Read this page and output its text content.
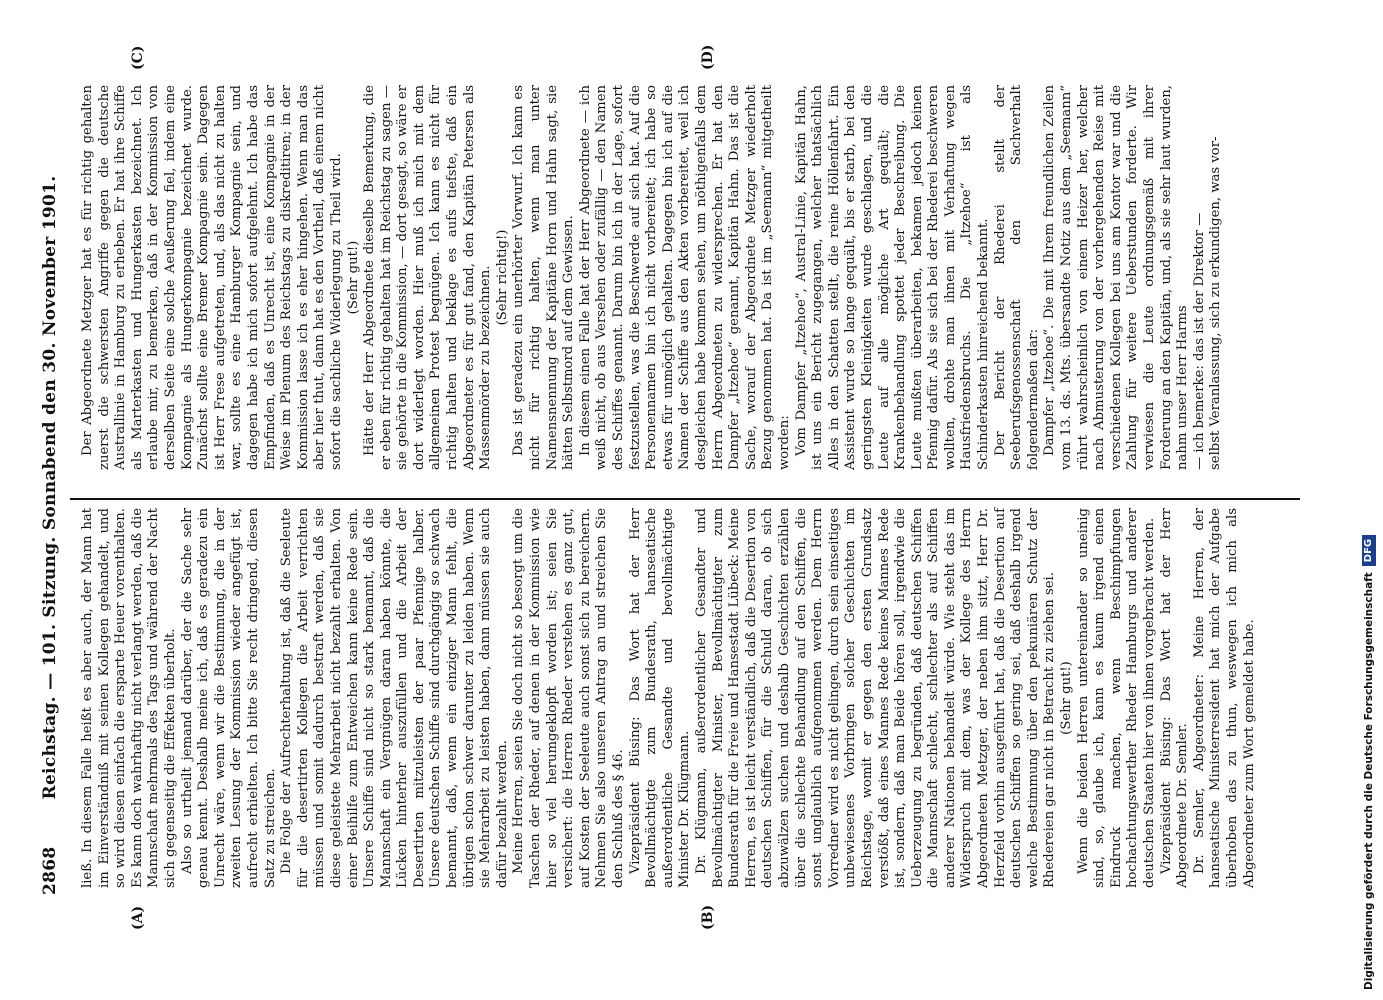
2868
Reichstag. — 101. Sitzung. Sonnabend den 30. November 1901.
(A)	(B)
(C)	(D)

ließ. In diesem Falle heißt es aber auch, der Mann hat im Einverständniß mit seinen Kollegen gehandelt, und so wird diesen einfach die ersparte Heuer vorenthalten. Es kann doch wahrhaftig nicht verlangt werden, daß die Mannschaft mehrmals des Tags und während der Nacht sich gegenseitig die Effekten überholt. Also so urtheilt jemand darüber, der die Sache sehr genau kennt. Deshalb meine ich, daß es geradezu ein Unrecht wäre, wenn wir die Bestimmung, die in der zweiten Lesung der Kommission wieder angefügt ist, aufrecht erhielten. Ich bitte Sie recht dringend, diesen Satz zu streichen. Die Folge der Aufrechterhaltung ist, daß die Seeleute für die desertirten Kollegen die Arbeit verrichten müssen und somit dadurch bestraft werden, daß sie diese geleistete Mehrarbeit nicht bezahlt erhalten. Von einer Beihilfe zum Entweichen kann keine Rede sein. Unsere Schiffe sind nicht so stark bemannt, daß die Mannschaft ein Vergnügen daran haben könnte, die Lücken hinterher auszufüllen und die Arbeit der Desertirten mitzuleisten der paar Pfennige halber. Unsere deutschen Schiffe sind durchgängig so schwach bemannt, daß, wenn ein einziger Mann fehlt, die übrigen schon schwer darunter zu leiden haben. Wenn sie Mehrarbeit zu leisten haben, dann müssen sie auch dafür bezahlt werden. Meine Herren, seien Sie doch nicht so besorgt um die Taschen der Rheder, auf denen in der Kommission wie hier so viel herumgeklopft worden ist; seien Sie versichert: die Herren Rheder verstehen es ganz gut, auf Kosten der Seeleute auch sonst sich zu bereichern. Nehmen Sie also unseren Antrag an und streichen Sie den Schluß des § 46. Vizepräsident Büsing: Das Wort hat der Herr Bevollmächtigte zum Bundesrath, hanseatische außerordentliche Gesandte und bevollmächtigte Minister Dr. Klügmann. Dr. Klügmann, außerordentlicher Gesandter und Bevollmächtigter Minister, Bevollmächtigter zum Bundesrath für die Freie und Hansestadt Lübeck: Meine Herren, es ist leicht verständlich, daß die Desertion von deutschen Schiffen, für die Schuld daran, ob sich abzuwälzen suchen und deshalb Geschichten erzählen über die schlechte Behandlung auf den Schiffen, die sonst unglaublich aufgenommen werden. Dem Herrn Vorredner wird es nicht gelingen, durch sein einseitiges unbewiesenes Vorbringen solcher Geschichten im Reichstage, womit er gegen den ersten Grundsatz verstößt, daß eines Mannes Rede keines Mannes Rede ist, sondern, daß man Beide hören soll, irgendwie die Ueberzeugung zu begründen, daß deutschen Schiffen die Mannschaft schlecht, schlechter als auf Schiffen anderer Nationen behandelt würde. Wie steht das im Widerspruch mit dem, was der Kollege des Herrn Abgeordneten Metzger, der neben ihm sitzt, Herr Dr. Herzfeld vorhin ausgeführt hat, daß die Desertion auf deutschen Schiffen so gering sei, daß deshalb irgend welche Bestimmung über den pekuniären Schutz der Rhedereien gar nicht in Betracht zu ziehen sei. (Sehr gut!) Wenn die beiden Herren untereinander so uneinig sind, so, glaube ich, kann es kaum irgend einen Eindruck machen, wenn Beschimpfungen hochachtungswerther Rheder Hamburgs und anderer deutschen Staaten hier von ihnen vorgebracht werden. Vizepräsident Büsing: Das Wort hat der Herr Abgeordnete Dr. Semler. Dr. Semler, Abgeordneter: Meine Herren, der hanseatische Ministerresident hat mich der Aufgabe überhoben das zu thun, weswegen ich mich als Abgeordneter zum Wort gemeldet habe.

Der Abgeordnete Metzger hat es für richtig gehalten zuerst die schwersten Angriffe gegen die deutsche Australlinie in Hamburg zu erheben. Er hat ihre Schiffe als Marterkasten und Hungerkasten bezeichnet. Ich erlaube mir, zu bemerken, daß in der Kommission von derselben Seite eine solche Aeußerung fiel, indem eine Kompagnie als Hungerkompagnie bezeichnet wurde. Zunächst sollte eine Bremer Kompagnie sein. Dagegen ist Herr Frese aufgetreten, und, als das nicht zu halten war, sollte es eine Hamburger Kompagnie sein, und dagegen habe ich mich sofort aufgelehnt. Ich habe das Empfinden, daß es Unrecht ist, eine Kompagnie in der Weise im Plenum des Reichstags zu diskreditiren; in der Kommission lasse ich es eher hingehen. Wenn man das aber hier thut, dann hat es den Vortheil, daß einem nicht sofort die sachliche Widerlegung zu Theil wird. (Sehr gut!) Hätte der Herr Abgeordnete dieselbe Bemerkung, die er eben für richtig gehalten hat im Reichstag zu sagen — sie gehörte in die Kommission, — dort gesagt, so wäre er dort widerlegt worden. Hier muß ich mich mit dem allgemeinen Protest begnügen. Ich kann es nicht für richtig halten und beklage es aufs tiefste, daß ein Abgeordneter es für gut fand, den Kapitän Petersen als Massenmörder zu bezeichnen. (Sehr richtig!) Das ist geradezu ein unerhörter Vorwurf. Ich kann es nicht für richtig halten, wenn man unter Namensnennung der Kapitäne Horn und Hahn sagt, sie hätten Selbstmord auf dem Gewissen. In diesem einen Falle hat der Herr Abgeordnete — ich weiß nicht, ob aus Versehen oder zufällig — den Namen des Schiffes genannt. Darum bin ich in der Lage, sofort festzustellen, was die Beschwerde auf sich hat. Auf die Personennamen bin ich nicht vorbereitet; ich habe so etwas für unmöglich gehalten. Dagegen bin ich auf die Namen der Schiffe aus den Akten vorbereitet, weil ich desgleichen habe kommen sehen, um nöthigenfalls dem Herrn Abgeordneten zu widersprechen. Er hat den Dampfer „Itzehoe“ genannt, Kapitän Hahn. Das ist die Sache, worauf der Abgeordnete Metzger wiederholt Bezug genommen hat. Da ist im „Seemann“ mitgetheilt worden: Vom Dampfer „Itzehoe“, Austral-Linie, Kapitän Hahn, ist uns ein Bericht zugegangen, welcher thatsächlich Alles in den Schatten stellt, die reine Höllenfahrt. Ein Assistent wurde so lange gequält, bis er starb, bei den geringsten Kleinigkeiten wurde geschlagen, und die Leute auf alle mögliche Art gequält; die Krankenbehandlung spottet jeder Beschreibung. Die Leute mußten überarbeiten, bekamen jedoch keinen Pfennig dafür. Als sie sich bei der Rhederei beschweren wollten, drohte man ihnen mit Verhaftung wegen Hausfriedensbruchs. Die „Itzehoe“ ist als Schinderkasten hinreichend bekannt. Der Bericht der Rhederei stellt der Seeberufsgenossenschaft den Sachverhalt folgendermaßen dar: Dampfer „Itzehoe“. Die mit Ihrem freundlichen Zeilen vom 13. ds. Mts. übersandte Notiz aus dem „Seemann“ rührt wahrscheinlich von einem Heizer her, welcher nach Abmusterung von der vorhergehenden Reise mit verschiedenen Kollegen bei uns am Kontor war und die Zahlung für weitere Ueberstunden forderte. Wir verwiesen die Leute ordnungsgemäß mit ihrer Forderung an den Kapitän, und, als sie sehr laut wurden, nahm unser Herr Harms — ich bemerke: das ist der Direktor — selbst Veranlassung, sich zu erkundigen, was vor-

Digitalisierung gefördert durch die Deutsche ForschungsgemeinschaftDFG
